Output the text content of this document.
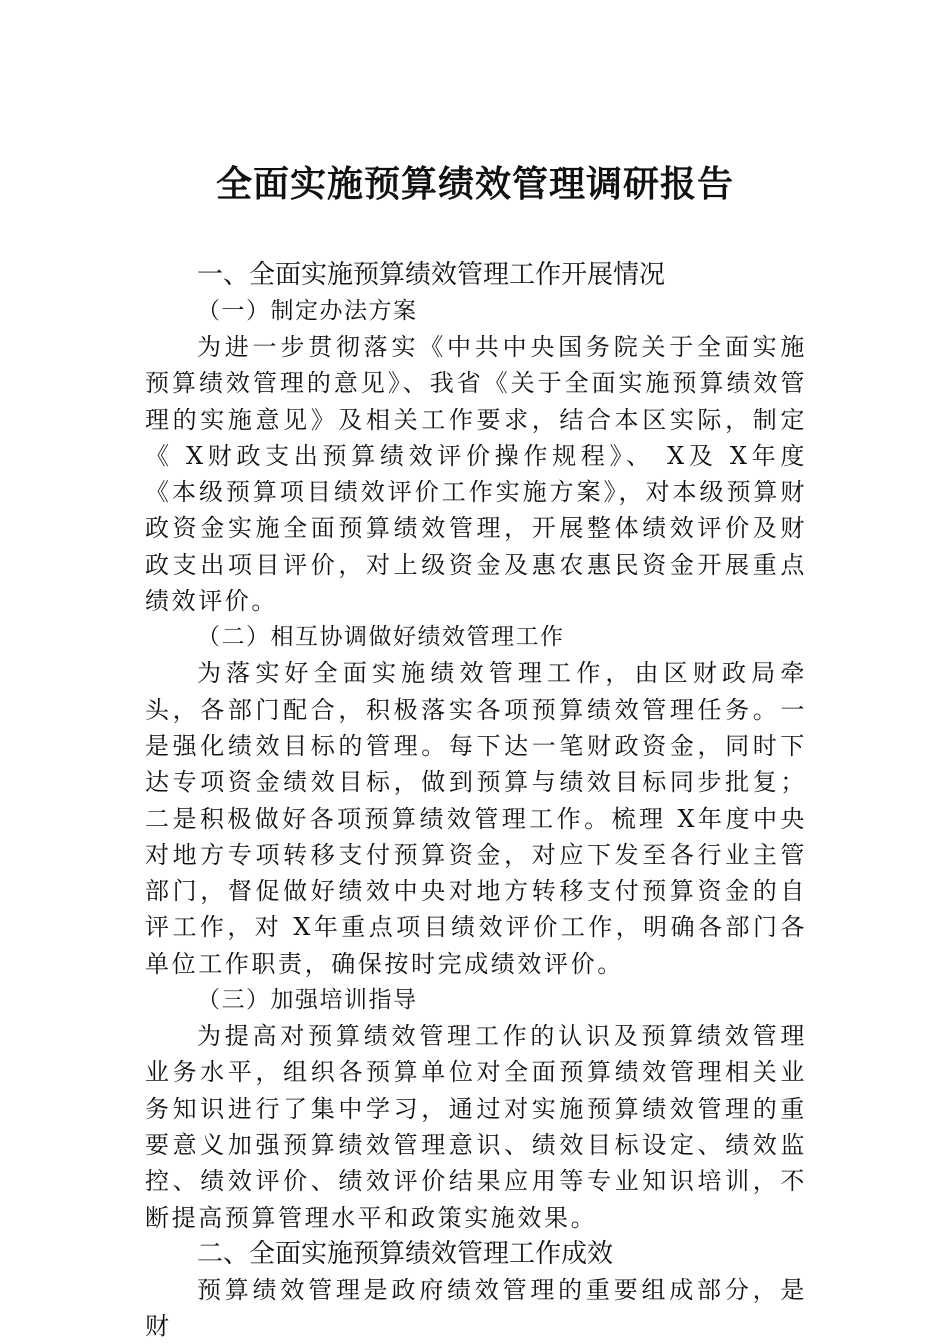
全面实施预算绩效管理调研报告
一、全面实施预算绩效管理工作开展情况
（一）制定办法方案

为进一步贯彻落实《中共中央国务院关于全面实施预算绩效管理的意见》、我省《关于全面实施预算绩效管理的实施意见》及相关工作要求，结合本区实际，制定《 X财政支出预算绩效评价操作规程》、 X及 X年度《本级预算项目绩效评价工作实施方案》，对本级预算财政资金实施全面预算绩效管理，开展整体绩效评价及财政支出项目评价，对上级资金及惠农惠民资金开展重点绩效评价。

（二）相互协调做好绩效管理工作

为落实好全面实施绩效管理工作，由区财政局牵头，各部门配合，积极落实各项预算绩效管理任务。一是强化绩效目标的管理。每下达一笔财政资金，同时下达专项资金绩效目标，做到预算与绩效目标同步批复；二是积极做好各项预算绩效管理工作。梳理 X年度中央对地方专项转移支付预算资金，对应下发至各行业主管部门，督促做好绩效中央对地方转移支付预算资金的自评工作，对 X年重点项目绩效评价工作，明确各部门各单位工作职责，确保按时完成绩效评价。

（三）加强培训指导

为提高对预算绩效管理工作的认识及预算绩效管理业务水平，组织各预算单位对全面预算绩效管理相关业务知识进行了集中学习，通过对实施预算绩效管理的重要意义加强预算绩效管理意识、绩效目标设定、绩效监控、绩效评价、绩效评价结果应用等专业知识培训，不断提高预算管理水平和政策实施效果。

二、全面实施预算绩效管理工作成效

预算绩效管理是政府绩效管理的重要组成部分，是财
